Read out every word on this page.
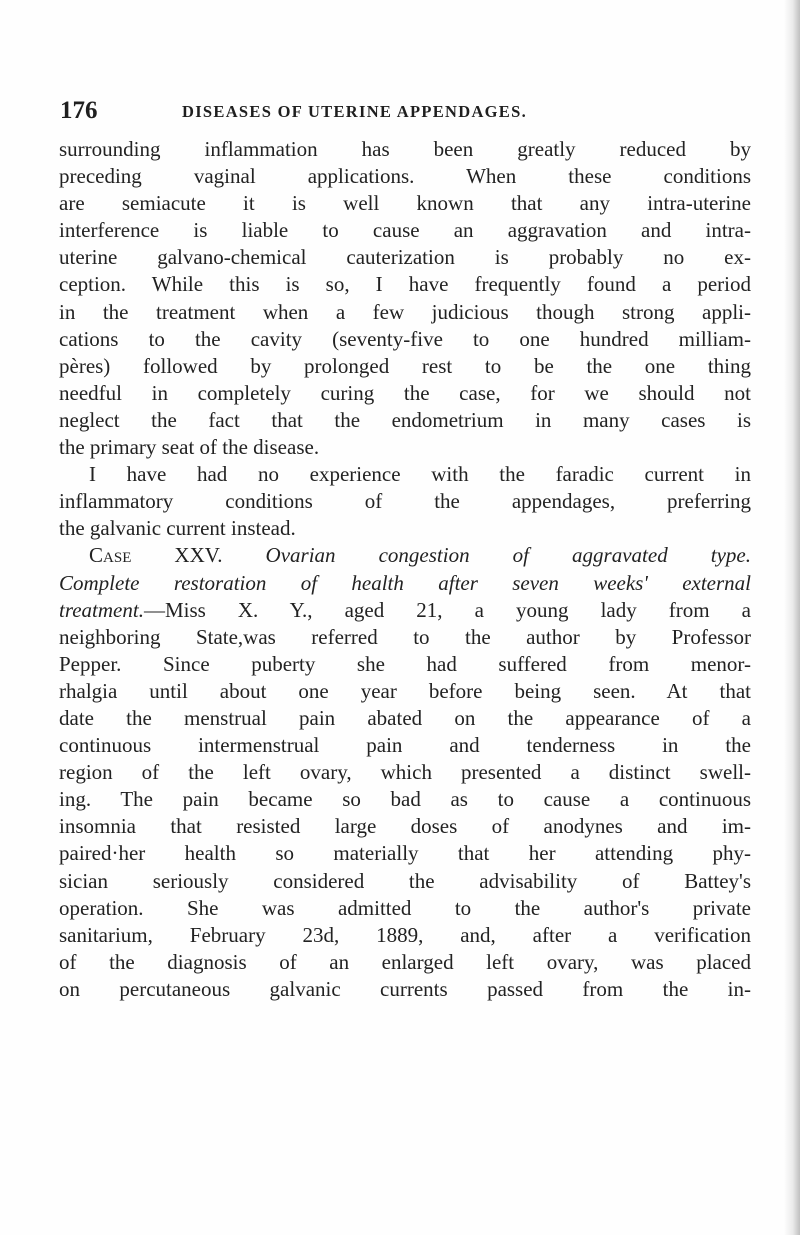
176	DISEASES OF UTERINE APPENDAGES.
surrounding inflammation has been greatly reduced by
preceding vaginal applications. When these conditions
are semiacute it is well known that any intra-uterine
interference is liable to cause an aggravation and intra-
uterine galvano-chemical cauterization is probably no ex-
ception. While this is so, I have frequently found a period
in the treatment when a few judicious though strong appli-
cations to the cavity (seventy-five to one hundred milliam-
pères) followed by prolonged rest to be the one thing
needful in completely curing the case, for we should not
neglect the fact that the endometrium in many cases is
the primary seat of the disease.
I have had no experience with the faradic current in
inflammatory conditions of the appendages, preferring
the galvanic current instead.
Case XXV. Ovarian congestion of aggravated type.
Complete restoration of health after seven weeks' external
treatment.—Miss X. Y., aged 21, a young lady from a
neighboring State,was referred to the author by Professor
Pepper. Since puberty she had suffered from menor-
rhalgia until about one year before being seen. At that
date the menstrual pain abated on the appearance of a
continuous intermenstrual pain and tenderness in the
region of the left ovary, which presented a distinct swell-
ing. The pain became so bad as to cause a continuous
insomnia that resisted large doses of anodynes and im-
paired·her health so materially that her attending phy-
sician seriously considered the advisability of Battey's
operation. She was admitted to the author's private
sanitarium, February 23d, 1889, and, after a verification
of the diagnosis of an enlarged left ovary, was placed
on percutaneous galvanic currents passed from the in-
